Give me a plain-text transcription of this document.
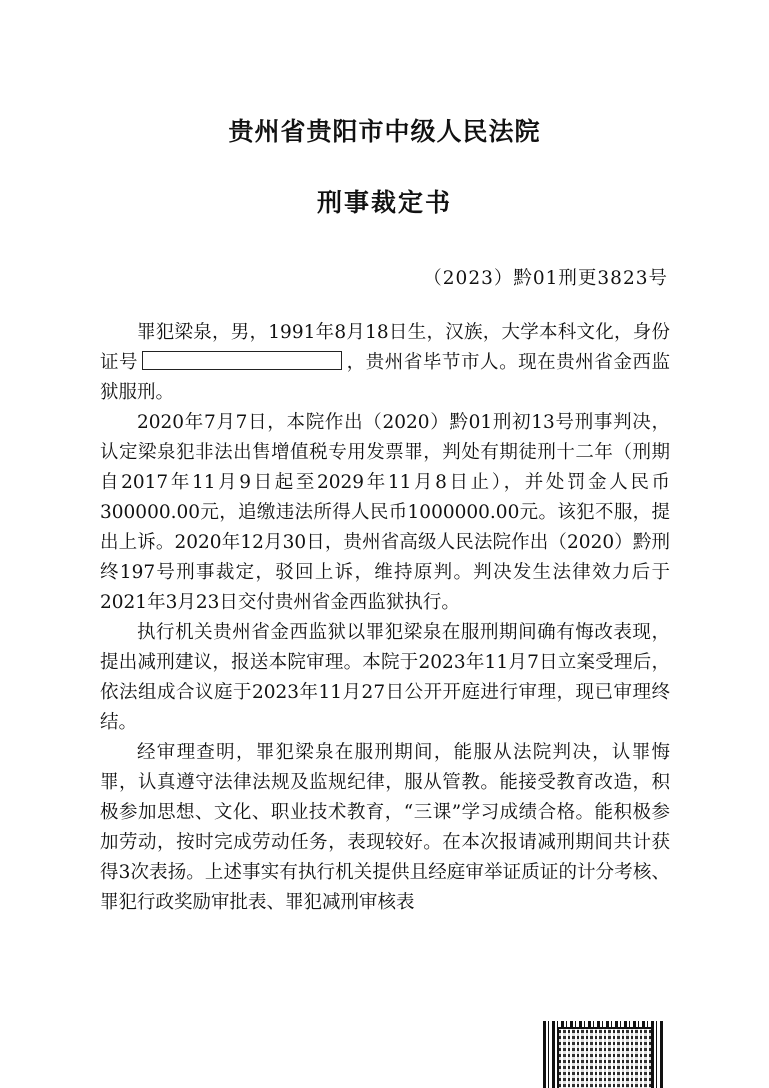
贵州省贵阳市中级人民法院
刑事裁定书
（2023）黔01刑更3823号

罪犯梁泉，男，1991年8月18日生，汉族，大学本科文化，身份证号	，贵州省毕节市人。现在贵州省金西监狱服刑。

2020年7月7日，本院作出（2020）黔01刑初13号刑事判决，认定梁泉犯非法出售增值税专用发票罪，判处有期徒刑十二年（刑期自2017年11月9日起至2029年11月8日止），并处罚金人民币300000.00元，追缴违法所得人民币1000000.00元。该犯不服，提出上诉。2020年12月30日，贵州省高级人民法院作出（2020）黔刑终197号刑事裁定，驳回上诉，维持原判。判决发生法律效力后于2021年3月23日交付贵州省金西监狱执行。

执行机关贵州省金西监狱以罪犯梁泉在服刑期间确有悔改表现，提出减刑建议，报送本院审理。本院于2023年11月7日立案受理后，依法组成合议庭于2023年11月27日公开开庭进行审理，现已审理终结。

经审理查明，罪犯梁泉在服刑期间，能服从法院判决，认罪悔罪，认真遵守法律法规及监规纪律，服从管教。能接受教育改造，积极参加思想、文化、职业技术教育，“三课”学习成绩合格。能积极参加劳动，按时完成劳动任务，表现较好。在本次报请减刑期间共计获得3次表扬。上述事实有执行机关提供且经庭审举证质证的计分考核、罪犯行政奖励审批表、罪犯减刑审核表
